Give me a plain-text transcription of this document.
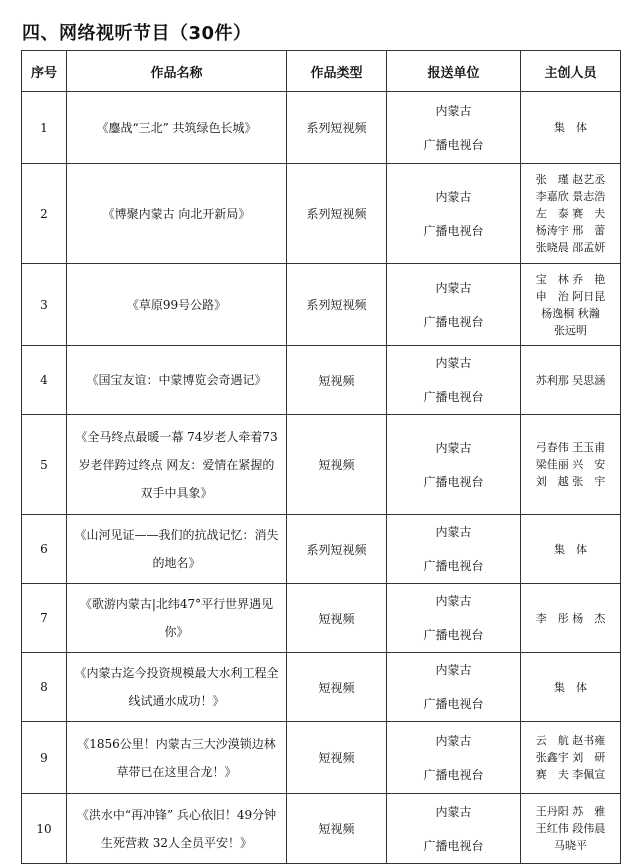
四、网络视听节目（30件）
序号	作品名称	作品类型	报送单位	主创人员
1	《鏖战“三北” 共筑绿色长城》	系列短视频	内蒙古
广播电视台	集　体

2	《博聚内蒙古 向北开新局》	系列短视频	内蒙古
广播电视台	张　瑾 赵艺丞
李嘉欣 景志浩
左　泰 赛　夫
杨涛宇 邢　蕾
张晓晨 邵孟妍

3	《草原99号公路》	系列短视频	内蒙古
广播电视台	宝　林 乔　艳
申　治 阿日昆
杨逸桐 秋瀚
张远明

4	《国宝友谊：中蒙博览会奇遇记》	短视频	内蒙古
广播电视台	苏利那 吴思涵

5	《全马终点最暖一幕 74岁老人牵着73岁老伴跨过终点 网友：爱情在紧握的双手中具象》	短视频	内蒙古
广播电视台	弓春伟 王玉甫
梁佳丽 兴　安
刘　越 张　宇

6	《山河见证——我们的抗战记忆：消失的地名》	系列短视频	内蒙古
广播电视台	集　体

7	《歌游内蒙古|北纬47°平行世界遇见你》	短视频	内蒙古
广播电视台	李　彤 杨　杰

8	《内蒙古迄今投资规模最大水利工程全线试通水成功！》	短视频	内蒙古
广播电视台	集　体

9	《1856公里！内蒙古三大沙漠锁边林草带已在这里合龙！》	短视频	内蒙古
广播电视台	云　航 赵书雍
张鑫宇 刘　研
赛　夫 李佩宣

10	《洪水中“再冲锋” 兵心依旧！49分钟生死营救 32人全员平安！》	短视频	内蒙古
广播电视台	王丹阳 苏　雅
王红伟 段伟晨
马晓平
